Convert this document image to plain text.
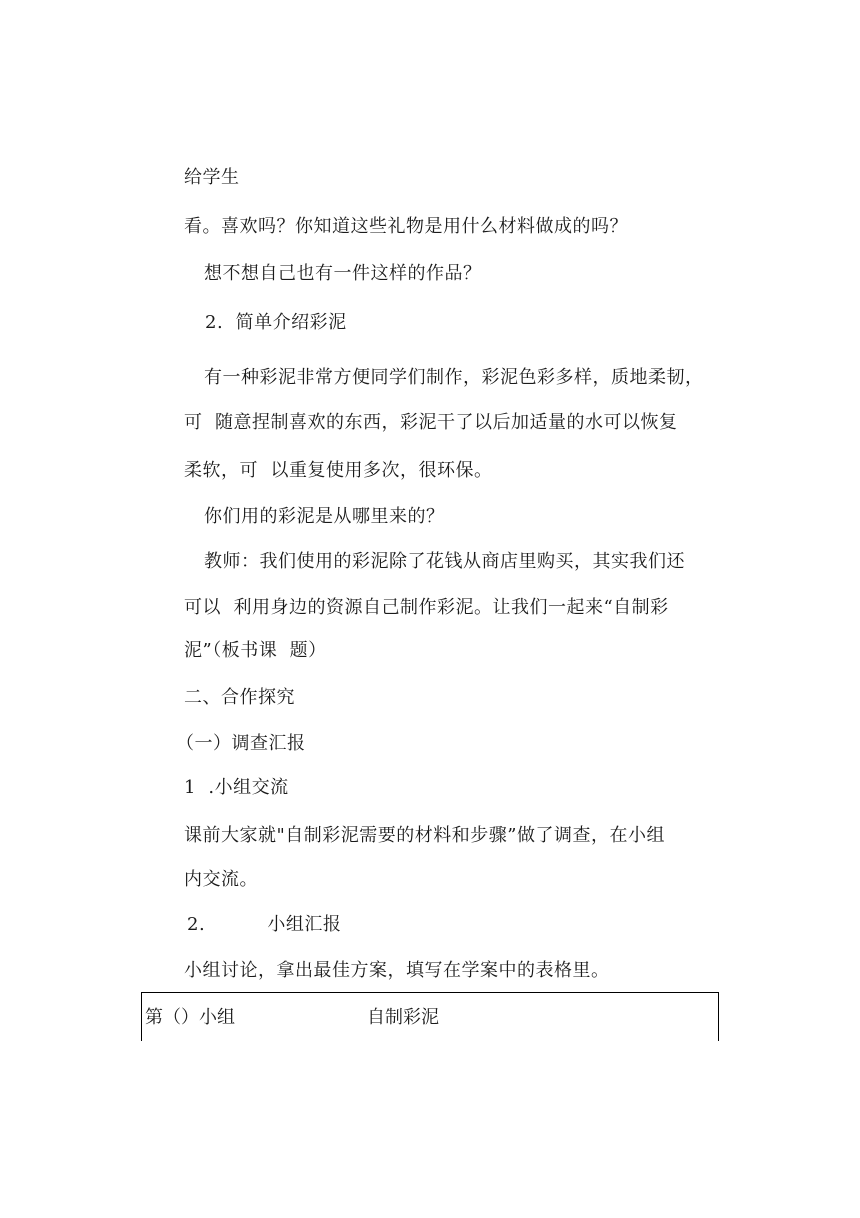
给学生
看。喜欢吗？你知道这些礼物是用什么材料做成的吗？
想不想自己也有一件这样的作品？
2.  简单介绍彩泥
有一种彩泥非常方便同学们制作，彩泥色彩多样，质地柔韧，
可  随意捏制喜欢的东西，彩泥干了以后加适量的水可以恢复
柔软，可  以重复使用多次，很环保。
你们用的彩泥是从哪里来的？
教师：我们使用的彩泥除了花钱从商店里购买，其实我们还
可以  利用身边的资源自己制作彩泥。让我们一起来“自制彩
泥”（板书课  题）
二、合作探究
（一）调查汇报
1  .小组交流
课前大家就"自制彩泥需要的材料和步骤”做了调查，在小组
内交流。
2.          小组汇报
小组讨论，拿出最佳方案，填写在学案中的表格里。
第（）小组	自制彩泥
